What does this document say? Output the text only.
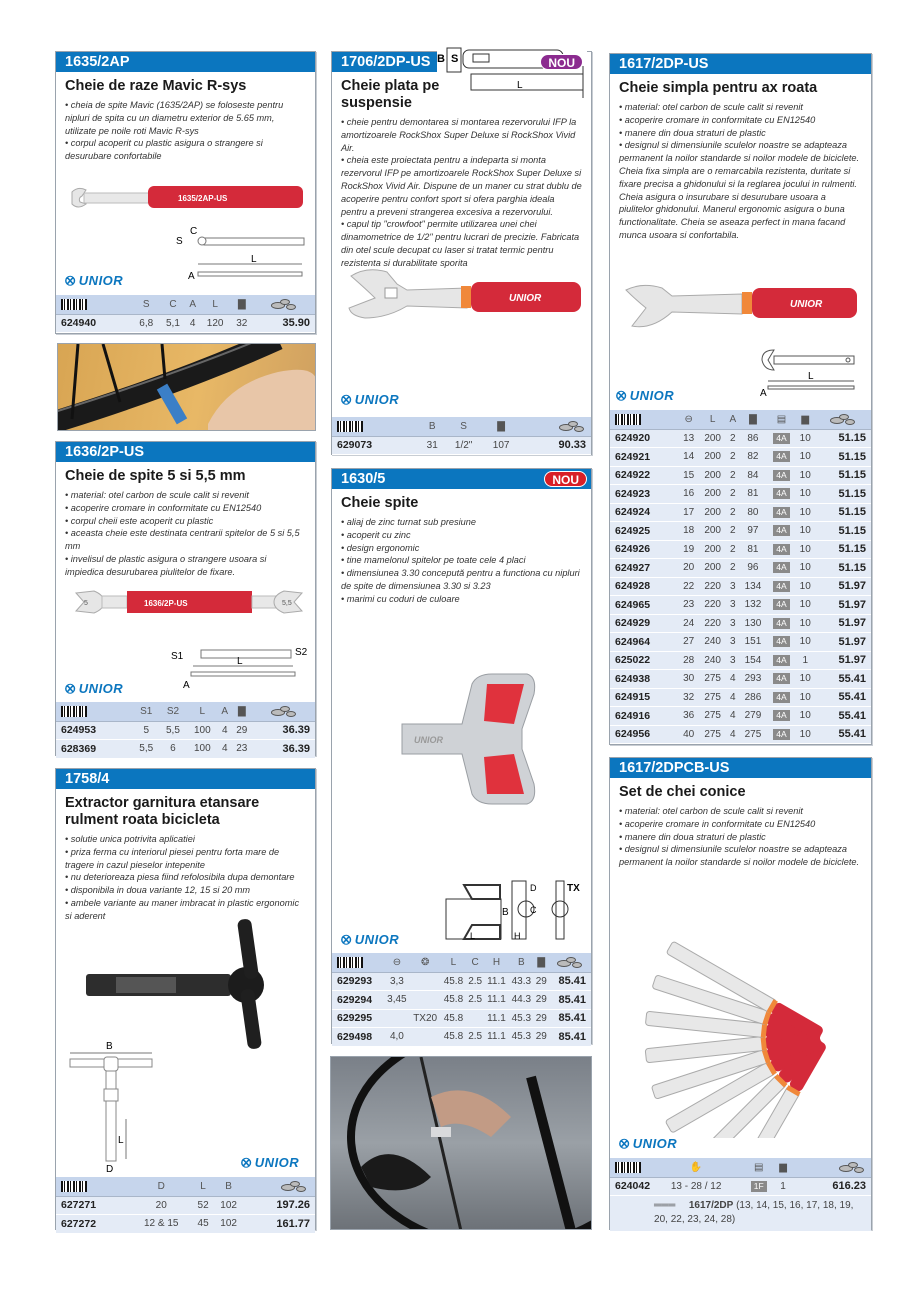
1635/2AP
Cheie de raze Mavic R-sys
• cheia de spite Mavic (1635/2AP) se foloseste pentru nipluri de spita cu un diametru exterior de 5.65 mm, utilizate pe noile roti Mavic R-sys
• corpul acoperit cu plastic asigura o strangere si desurubare confortabile
1635/2AP-US
S
C
A
L
⭙ UNIOR
	S	C	A	L	▇	

624940	6,8	5,1	4	120	32	35.90
1636/2P-US
Cheie de spite 5 si 5,5 mm
• material: otel carbon de scule calit si revenit
• acoperire cromare in conformitate cu EN12540
• corpul cheii este acoperit cu plastic
• aceasta cheie este destinata centrarii spitelor de 5 si 5,5 mm
• invelisul de plastic asigura o strangere usoara si impiedica desurubarea piulitelor de fixare.
1636/2P-US
5	5,5
S1	S2
L
A
⭙ UNIOR
	S1	S2	L	A	▇	

624953	5	5,5	100	4	29	36.39
628369	5,5	6	100	4	23	36.39
1758/4
Extractor garnitura etansare rulment roata bicicleta
• solutie unica potrivita aplicatiei
• priza ferma cu interiorul piesei pentru forta mare de tragere in cazul pieselor intepenite
• nu deterioreaza piesa fiind refolosibila dupa demontare
• disponibila in doua variante 12, 15 si 20 mm
• ambele variante au maner imbracat in plastic ergonomic si aderent
B
L
D	⭙ UNIOR
	D	L	B	

627271	20	52	102	197.26
627272	12 & 15	45	102	161.77
1706/2DP-US
Cheie plata pe suspensie
B S
L
NOU
• cheie pentru demontarea si montarea rezervorului IFP la amortizoarele RockShox Super Deluxe si RockShox Vivid Air.
• cheia este proiectata pentru a indeparta si monta rezervorul IFP pe amortizoarele RockShox Super Deluxe si RockShox Vivid Air. Dispune de un maner cu strat dublu de acoperire pentru confort sport si ofera parghia ideala pentru a preveni strangerea excesiva a rezervorului.
• capul tip "crowfoot" permite utilizarea unei chei dinamometrice de 1/2" pentru lucrari de precizie. Fabricata din otel scule decupat cu laser si tratat termic pentru rezistenta si durabilitate sporita
UNIOR
⭙ UNIOR
	B	S	▇	

629073	31	1/2"	107	90.33
1630/5	NOU
Cheie spite
• aliaj de zinc turnat sub presiune
• acoperit cu zinc
• design ergonomic
• tine mamelonul spitelor pe toate cele 4 placi
• dimensiunea 3.30 concepută pentru a functiona cu nipluri de spite de dimensiunea 3.30 si 3.23
• marimi cu coduri de culoare
UNIOR
L
B
H
C
D	TX
⭙ UNIOR
	⊖	❂	L	C	H	B	▇	

629293	3,3		45.8	2.5	11.1	43.3	29	85.41
629294	3,45		45.8	2.5	11.1	44.3	29	85.41
629295		TX20	45.8		11.1	45.3	29	85.41
629498	4,0		45.8	2.5	11.1	45.3	29	85.41
1617/2DP-US
Cheie simpla pentru ax roata
• material: otel carbon de scule calit si revenit
• acoperire cromare in conformitate cu EN12540
• manere din doua straturi de plastic
• designul si dimensiunile sculelor noastre se adapteaza permanent la noilor standarde si noilor modele de biciclete. Cheia fixa simpla are o remarcabila rezistenta, duritate si fixare precisa a ghidonului si la reglarea jocului in rulmenti. Cheia asigura o insurubare si desurubare usoara a piulitelor ghidonului. Manerul ergonomic asigura o buna functionalitate. Cheia se aseaza perfect in mana facand munca usoara si confortabila.
UNIOR
L
A
⭙ UNIOR
	⊖	L	A	▇	▤	▆	

624920	13	200	2	86	4A	10	51.15
624921	14	200	2	82	4A	10	51.15
624922	15	200	2	84	4A	10	51.15
624923	16	200	2	81	4A	10	51.15
624924	17	200	2	80	4A	10	51.15
624925	18	200	2	97	4A	10	51.15
624926	19	200	2	81	4A	10	51.15
624927	20	200	2	96	4A	10	51.15
624928	22	220	3	134	4A	10	51.97
624965	23	220	3	132	4A	10	51.97
624929	24	220	3	130	4A	10	51.97
624964	27	240	3	151	4A	10	51.97
625022	28	240	3	154	4A	1	51.97
624938	30	275	4	293	4A	10	55.41
624915	32	275	4	286	4A	10	55.41
624916	36	275	4	279	4A	10	55.41
624956	40	275	4	275	4A	10	55.41
1617/2DPCB-US
Set de chei conice
• material: otel carbon de scule calit si revenit
• acoperire cromare in conformitate cu EN12540
• manere din doua straturi de plastic
• designul si dimensiunile sculelor noastre se adapteaza permanent la noilor standarde si noilor modele de biciclete.
⭙ UNIOR
	✋	▤	▆	

624042	13 - 28 / 12	1F	1	616.23
	═══ 1617/2DP (13, 14, 15, 16, 17, 18, 19, 20, 22, 23, 24, 28)			
